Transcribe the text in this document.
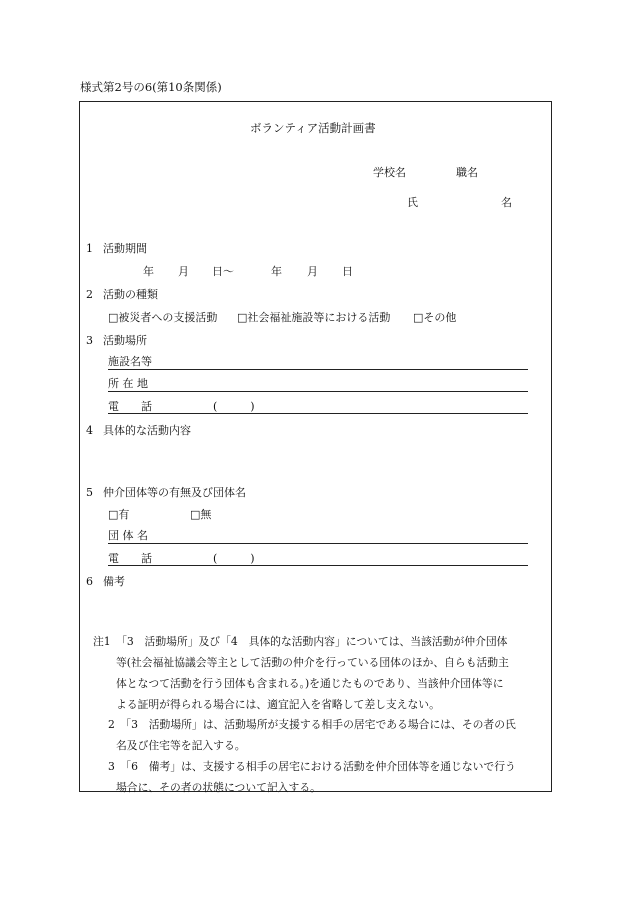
様式第2号の6(第10条関係)
ボランティア活動計画書
学校名	職名
氏	名
1 活動期間
年 月 日〜	年 月 日
2 活動の種類
□被災者への支援活動 □社会福祉施設等における活動 □その他
3 活動場所
施設名等
所 在 地
電　　話	(　　　)
4 具体的な活動内容
5 仲介団体等の有無及び団体名
□有	□無
団 体 名
電　　話	(　　　)
6 備考
注1　「3　活動場所」及び「4　具体的な活動内容」については、当該活動が仲介団体
等(社会福祉協議会等主として活動の仲介を行っている団体のほか、自らも活動主
体となつて活動を行う団体も含まれる。)を通じたものであり、当該仲介団体等に
よる証明が得られる場合には、適宜記入を省略して差し支えない。
2　「3　活動場所」は、活動場所が支援する相手の居宅である場合には、その者の氏
名及び住宅等を記入する。
3　「6　備考」は、支援する相手の居宅における活動を仲介団体等を通じないで行う
場合に、その者の状態について記入する。
